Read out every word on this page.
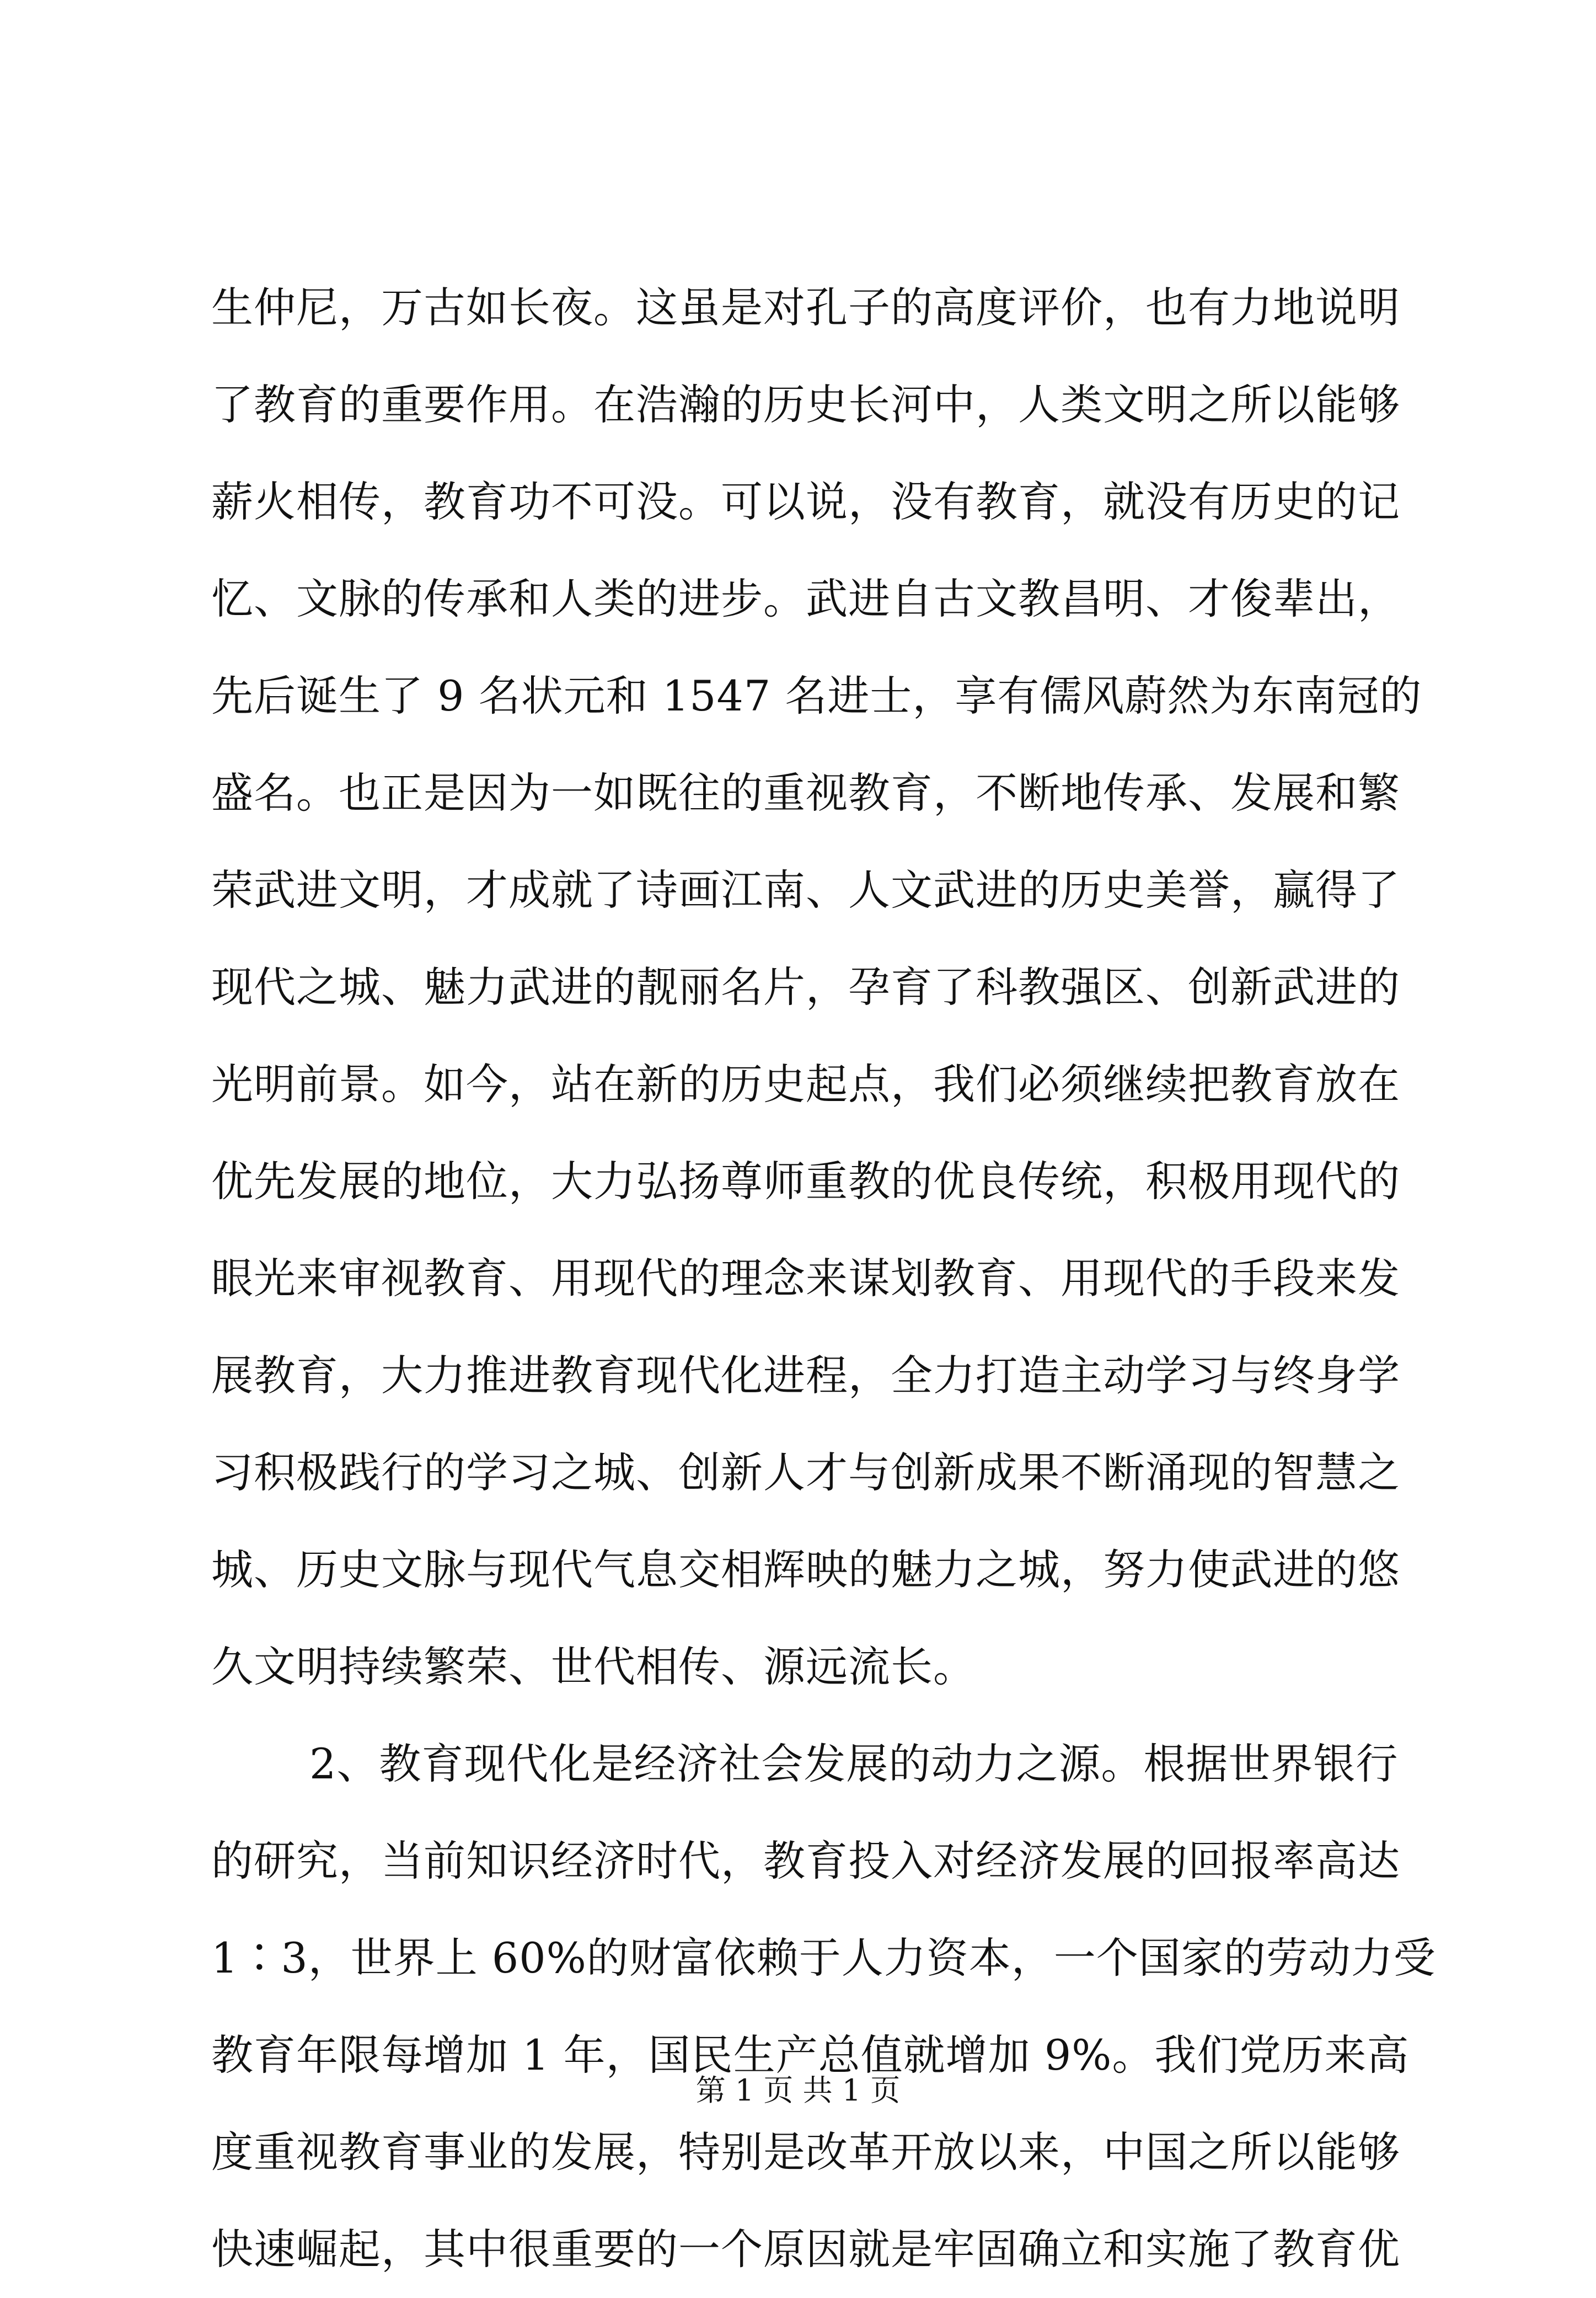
生仲尼，万古如长夜。这虽是对孔子的高度评价，也有力地说明
了教育的重要作用。在浩瀚的历史长河中，人类文明之所以能够
薪火相传，教育功不可没。可以说，没有教育，就没有历史的记
忆、文脉的传承和人类的进步。武进自古文教昌明、才俊辈出，
先后诞生了 9 名状元和 1547 名进士，享有儒风蔚然为东南冠的
盛名。也正是因为一如既往的重视教育，不断地传承、发展和繁
荣武进文明，才成就了诗画江南、人文武进的历史美誉，赢得了
现代之城、魅力武进的靓丽名片，孕育了科教强区、创新武进的
光明前景。如今，站在新的历史起点，我们必须继续把教育放在
优先发展的地位，大力弘扬尊师重教的优良传统，积极用现代的
眼光来审视教育、用现代的理念来谋划教育、用现代的手段来发
展教育，大力推进教育现代化进程，全力打造主动学习与终身学
习积极践行的学习之城、创新人才与创新成果不断涌现的智慧之
城、历史文脉与现代气息交相辉映的魅力之城，努力使武进的悠
久文明持续繁荣、世代相传、源远流长。
2、教育现代化是经济社会发展的动力之源。根据世界银行
的研究，当前知识经济时代，教育投入对经济发展的回报率高达
1∶3，世界上 60%的财富依赖于人力资本，一个国家的劳动力受
教育年限每增加 1 年，国民生产总值就增加 9%。我们党历来高
度重视教育事业的发展，特别是改革开放以来，中国之所以能够
快速崛起，其中很重要的一个原因就是牢固确立和实施了教育优
第 1 页 共 1 页
